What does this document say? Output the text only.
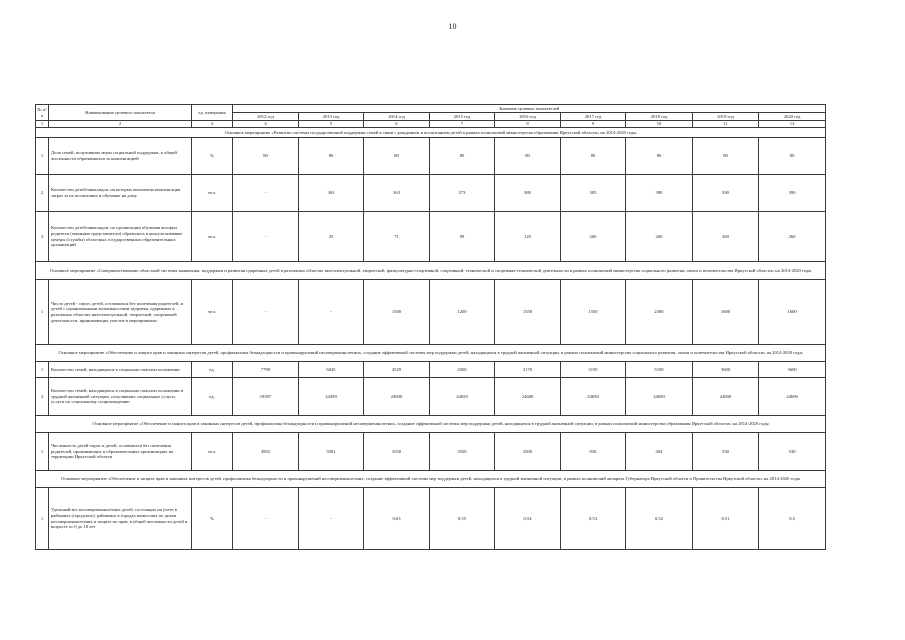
10
№ п/п	Наименование целевого показателя	ед. измерения	Значение целевых показателей								
			2012 год	2013 год	2014 год	2015 год	2016 год	2017 год	2018 год	2019 год	2020 год
1	2	3	4	5	6	7	8	9	10	11	12
Основное мероприятие «Развитие системы государственной поддержки семей в связи с рождением и воспитанием детей в рамках полномочий министерства образования Иркутской области» на 2014-2020 годы											
1	Доля семей, получивших меры социальной поддержки, к общей численности обратившихся за компенсацией	%	80	80	80	80	80	80	80	80	80
2	Количество детей-инвалидов, на которых выплачена компенсация затрат за их воспитание и обучение на дому	чел.	-	363	363	373	380	385	390	390	390
3	Количество детей-инвалидов, по организации обучения которых родители (законные представители) обратились в консультативные центры (службы) областных государственных образовательных организаций	чел.	-	35	71	99	120	200	260	260	260
Основное мероприятие «Совершенствование областной системы выявления, поддержки и развития одаренных детей в различных областях интеллектуальной, творческой, физкультурно-спортивной, спортивной, технической и спортивно-технической деятельности в рамках полномочий министерства социального развития, опеки и попечительства Иркутской области» на 2014-2020 годы											
1	Число детей - сирот, детей, оставшихся без попечения родителей, и детей с ограниченными возможностями здоровья, одаренных в различных областях интеллектуальной, творческой, спортивной деятельности, принимающих участие в мероприятиях	чел.	-	-	1500	1200	1550	1550	2300	1600	1600
Основное мероприятие «Обеспечение и защита прав и законных интересов детей, профилактика безнадзорности и правонарушений несовершеннолетних, создание эффективной системы мер поддержки детей, находящихся в трудной жизненной ситуации, в рамках полномочий министерства социального развития, опеки и попечительства Иркутской области» на 2014-2020 годы											
1	Количество семей, находящихся в социально опасном положении	ед.	7799	6045	4529	4500	3170	3150	5100	3600	3600
2	Количество семей, находящихся в социально опасном положении и трудной жизненной ситуации, получивших социальные услуги, услуги по социальному сопровождению	ед.	19397	24499	24600	24650	24680	24650	24690	24690	24690
Основное мероприятие «Обеспечение и защита прав и законных интересов детей, профилактика безнадзорности и правонарушений несовершеннолетних, создание эффективной системы мер поддержки детей, находящихся в трудной жизненной ситуации, в рамках полномочий министерства образования Иркутской области» на 2014-2020 годы											
1	Численность детей-сирот и детей, оставшихся без попечения родителей, проживающих в образовательных организациях на территории Иркутской области	чел.	3852	3581	3550	3520	3500	930	494	530	530
Основное мероприятие «Обеспечение и защита прав и законных интересов детей, профилактика безнадзорности и правонарушений несовершеннолетних, создание эффективной системы мер поддержки детей, находящихся в трудной жизненной ситуации, в рамках полномочий аппарата Губернатора Иркутской области и Правительства Иркутской области» на 2014-2020 годы											
1	Удельный вес несовершеннолетних детей, состоящих на учете в районных (городских), районных в городах комиссиях по делам несовершеннолетних и защите их прав, в общей численности детей в возрасте от 0 до 18 лет	%	-	-	0,63	0,55	0,54	0,53	0,52	0,51	0,5
